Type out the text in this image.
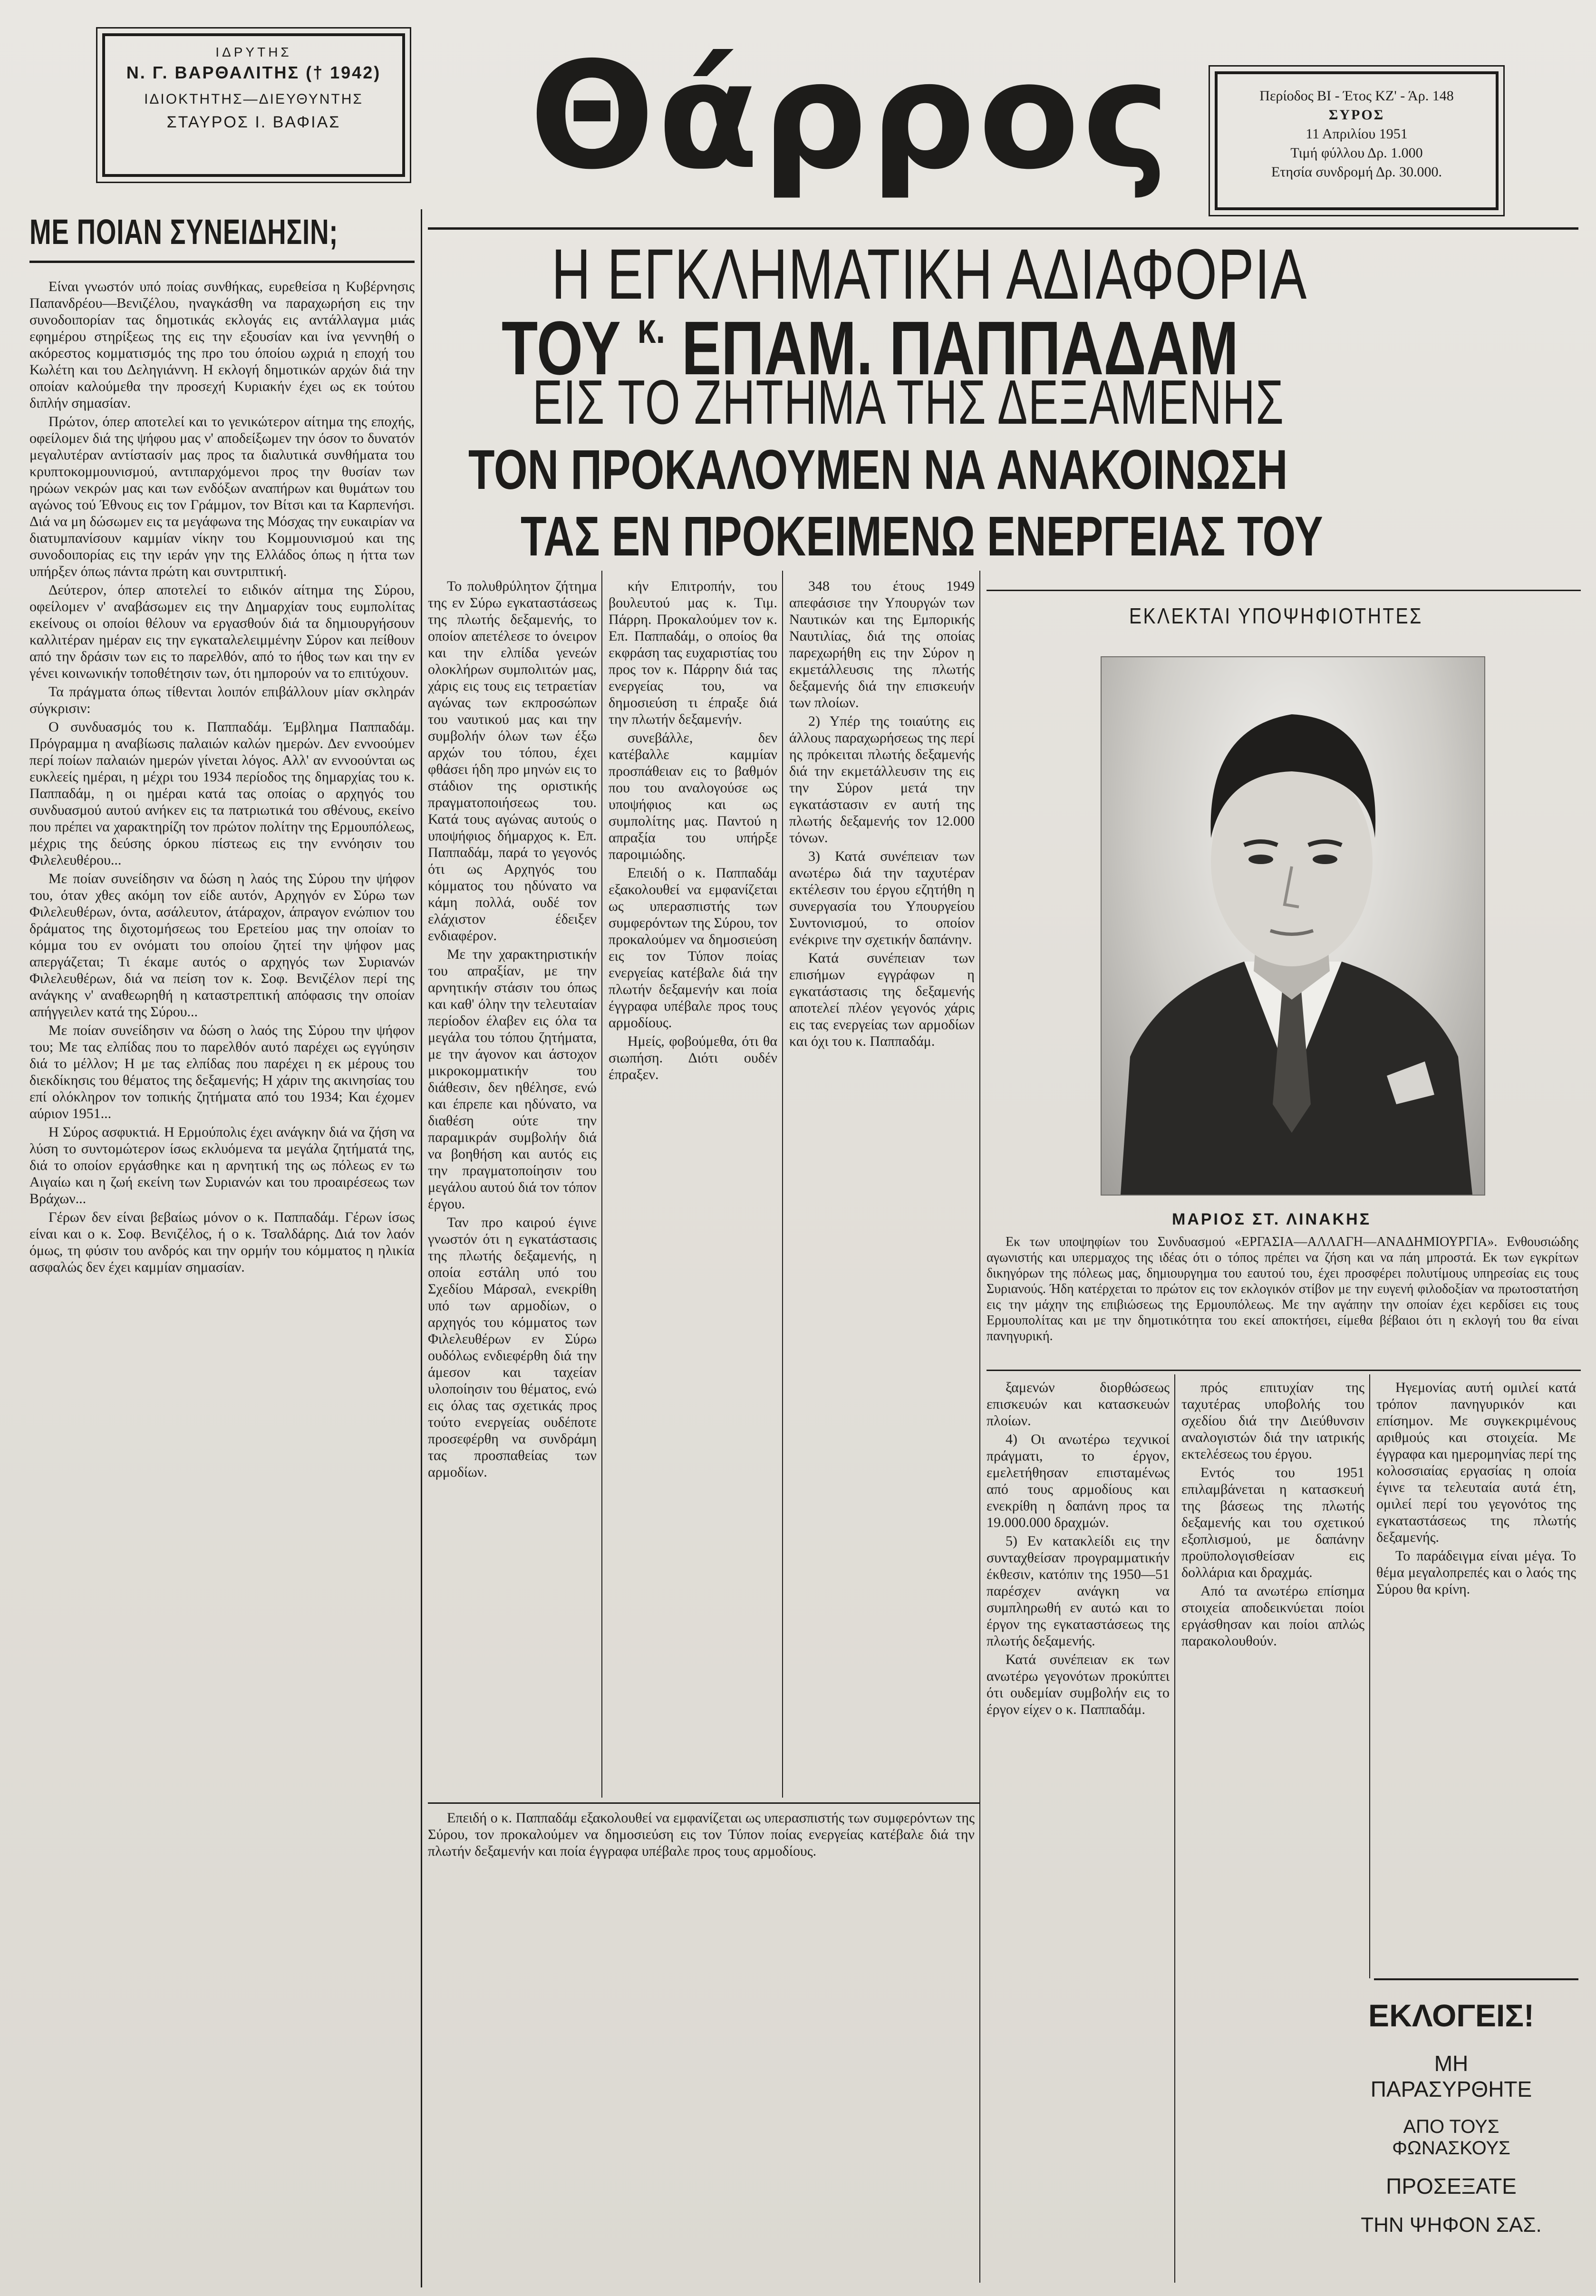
ΙΔΡΥΤΗΣ

Ν. Γ. ΒΑΡΘΑΛΙΤΗΣ († 1942)

ΙΔΙΟΚΤΗΤΗΣ—ΔΙΕΥΘΥΝΤΗΣ

ΣΤΑΥΡΟΣ Ι. ΒΑΦΙΑΣ	Θάρρος	Περίοδος ΒΙ - Έτος ΚΖ' - Άρ. 148

ΣΥΡΟΣ

11 Απριλίου 1951

Τιμή φύλλου Δρ. 1.000

Ετησία συνδρομή Δρ. 30.000.

ΜΕ ΠΟΙΑΝ ΣΥΝΕΙΔΗΣΙΝ;

Είναι γνωστόν υπό ποίας συνθήκας, ευρεθείσα η Κυβέρνησις Παπανδρέου—Βενιζέλου, ηναγκάσθη να παραχωρήση εις την συνοδοιπορίαν τας δημοτικάς εκλογάς εις αντάλλαγμα μιάς εφημέρου στηρίξεως της εις την εξουσίαν και ίνα γεννηθή ο ακόρεστος κομματισμός της προ του όποίου ωχριά η εποχή του Κωλέτη και του Δεληγιάννη. Η εκλογή δημοτικών αρχών διά την οποίαν καλούμεθα την προσεχή Κυριακήν έχει ως εκ τούτου διπλήν σημασίαν.

Πρώτον, όπερ αποτελεί και το γενικώτερον αίτημα της εποχής, οφείλομεν διά της ψήφου μας ν' αποδείξωμεν την όσον το δυνατόν μεγαλυτέραν αντίστασίν μας προς τα διαλυτικά συνθήματα του κρυπτοκομμουνισμού, αντιπαρχόμενοι προς την θυσίαν των ηρώων νεκρών μας και των ενδόξων αναπήρων και θυμάτων του αγώνος τού Έθνους εις τον Γράμμον, τον Βίτσι και τα Καρπενήσι. Διά να μη δώσωμεν εις τα μεγάφωνα της Μόσχας την ευκαιρίαν να διατυμπανίσουν καμμίαν νίκην του Κομμουνισμού και της συνοδοιπορίας εις την ιεράν γην της Ελλάδος όπως η ήττα των υπήρξεν όπως πάντα πρώτη και συντριπτική.

Δεύτερον, όπερ αποτελεί το ειδικόν αίτημα της Σύρου, οφείλομεν ν' αναβάσωμεν εις την Δημαρχίαν τους ευμπολίτας εκείνους οι οποίοι θέλουν να εργασθούν διά τα δημιουργήσουν καλλιτέραν ημέραν εις την εγκαταλελειμμένην Σύρον και πείθουν από την δράσιν των εις το παρελθόν, από το ήθος των και την εν γένει κοινωνικήν τοποθέτησιν των, ότι ημπορούν να το επιτύχουν.

Τα πράγματα όπως τίθενται λοιπόν επιβάλλουν μίαν σκληράν σύγκρισιν:

Ο συνδυασμός του κ. Παππαδάμ. Έμβλημα Παππαδάμ. Πρόγραμμα η αναβίωσις παλαιών καλών ημερών. Δεν εννοούμεν περί ποίων παλαιών ημερών γίνεται λόγος. Αλλ' αν εννοούνται ως ευκλεείς ημέραι, η μέχρι του 1934 περίοδος της δημαρχίας του κ. Παππαδάμ, η οι ημέραι κατά τας οποίας ο αρχηγός του συνδυασμού αυτού ανήκεν εις τα πατριωτικά του σθένους, εκείνο που πρέπει να χαρακτηρίζη τον πρώτον πολίτην της Ερμουπόλεως, μέχρις της δεύσης όρκου πίστεως εις την εννόησιν του Φιλελευθέρου...

Με ποίαν συνείδησιν να δώση η λαός της Σύρου την ψήφον του, όταν χθες ακόμη τον είδε αυτόν, Αρχηγόν εν Σύρω των Φιλελευθέρων, όντα, ασάλευτον, άτάραχον, άπραγον ενώπιον του δράματος της διχοτομήσεως του Ερετείου μας την οποίαν το κόμμα του εν ονόματι του οποίου ζητεί την ψήφον μας απεργάζεται; Τι έκαμε αυτός ο αρχηγός των Συριανών Φιλελευθέρων, διά να πείση τον κ. Σοφ. Βενιζέλον περί της ανάγκης ν' αναθεωρηθή η καταστρεπτική απόφασις την οποίαν απήγγειλεν κατά της Σύρου...

Με ποίαν συνείδησιν να δώση ο λαός της Σύρου την ψήφον του; Με τας ελπίδας που το παρελθόν αυτό παρέχει ως εγγύησιν διά το μέλλον; Η με τας ελπίδας που παρέχει η εκ μέρους του διεκδίκησις του θέματος της δεξαμενής; Η χάριν της ακινησίας του επί ολόκληρον τον τοπικής ζητήματα από του 1934; Και έχομεν αύριον 1951...

Η Σύρος ασφυκτιά. Η Ερμούπολις έχει ανάγκην διά να ζήση να λύση το συντομώτερον ίσως εκλυόμενα τα μεγάλα ζητήματά της, διά το οποίον εργάσθηκε και η αρνητική της ως πόλεως εν τω Αιγαίω και η ζωή εκείνη των Συριανών και του προαιρέσεως των Βράχων...

Γέρων δεν είναι βεβαίως μόνον ο κ. Παππαδάμ. Γέρων ίσως είναι και ο κ. Σοφ. Βενιζέλος, ή ο κ. Τσαλδάρης. Διά τον λαόν όμως, τη φύσιν του ανδρός και την ορμήν του κόμματος η ηλικία ασφαλώς δεν έχει καμμίαν σημασίαν.

Η ΕΓΚΛΗΜΑΤΙΚΗ ΑΔΙΑΦΟΡΙΑ
ΤΟΥ $^{\kappa.}$ ΕΠΑΜ. ΠΑΠΠΑΔΑΜ
ΕΙΣ ΤΟ ΖΗΤΗΜΑ ΤΗΣ ΔΕΞΑΜΕΝΗΣ
ΤΟΝ ΠΡΟΚΑΛΟΥΜΕΝ ΝΑ ΑΝΑΚΟΙΝΩΣΗ
ΤΑΣ ΕΝ ΠΡΟΚΕΙΜΕΝΩ ΕΝΕΡΓΕΙΑΣ ΤΟΥ

Το πολυθρύλητον ζήτημα της εν Σύρω εγκαταστάσεως της πλωτής δεξαμενής, το οποίον απετέλεσε το όνειρον και την ελπίδα γενεών ολοκλήρων συμπολιτών μας, χάρις εις τους εις τετραετίαν αγώνας των εκπροσώπων του ναυτικού μας και την συμβολήν όλων των έξω αρχών του τόπου, έχει φθάσει ήδη προ μηνών εις το στάδιον της οριστικής πραγματοποιήσεως του. Κατά τους αγώνας αυτούς ο υποψήφιος δήμαρχος κ. Επ. Παππαδάμ, παρά το γεγονός ότι ως Αρχηγός του κόμματος του ηδύνατο να κάμη πολλά, ουδέ τον ελάχιστον έδειξεν ενδιαφέρον.

Με την χαρακτηριστικήν του απραξίαν, με την αρνητικήν στάσιν του όπως και καθ' όλην την τελευταίαν περίοδον έλαβεν εις όλα τα μεγάλα του τόπου ζητήματα, με την άγονον και άστοχον μικροκομματικήν του διάθεσιν, δεν ηθέλησε, ενώ και έπρεπε και ηδύνατο, να διαθέση ούτε την παραμικράν συμβολήν διά να βοηθήση και αυτός εις την πραγματοποίησιν του μεγάλου αυτού διά τον τόπον έργου.

Ταν προ καιρού έγινε γνωστόν ότι η εγκατάστασις της πλωτής δεξαμενής, η οποία εστάλη υπό του Σχεδίου Μάρσαλ, ενεκρίθη υπό των αρμοδίων, ο αρχηγός του κόμματος των Φιλελευθέρων εν Σύρω ουδόλως ενδιεφέρθη διά την άμεσον και ταχείαν υλοποίησιν του θέματος, ενώ εις όλας τας σχετικάς προς τούτο ενεργείας ουδέποτε προσεφέρθη να συνδράμη τας προσπαθείας των αρμοδίων.

κήν Επιτροπήν, του βουλευτού μας κ. Τιμ. Πάρρη. Προκαλούμεν τον κ. Επ. Παππαδάμ, ο οποίος θα εκφράση τας ευχαριστίας του προς τον κ. Πάρρην διά τας ενεργείας του, να δημοσιεύση τι έπραξε διά την πλωτήν δεξαμενήν.

συνεβάλλε, δεν κατέβαλλε καμμίαν προσπάθειαν εις το βαθμόν που του αναλογούσε ως υποψήφιος και ως συμπολίτης μας. Παντού η απραξία του υπήρξε παροιμιώδης.

Επειδή ο κ. Παππαδάμ εξακολουθεί να εμφανίζεται ως υπερασπιστής των συμφερόντων της Σύρου, τον προκαλούμεν να δημοσιεύση εις τον Τύπον ποίας ενεργείας κατέβαλε διά την πλωτήν δεξαμενήν και ποία έγγραφα υπέβαλε προς τους αρμοδίους.

Ημείς, φοβούμεθα, ότι θα σιωπήση. Διότι ουδέν έπραξεν.

348 του έτους 1949 απεφάσισε την Υπουργών των Ναυτικών και της Εμπορικής Ναυτιλίας, διά της οποίας παρεχωρήθη εις την Σύρον η εκμετάλλευσις της πλωτής δεξαμενής διά την επισκευήν των πλοίων.

2) Υπέρ της τοιαύτης εις άλλους παραχωρήσεως της περί ης πρόκειται πλωτής δεξαμενής διά την εκμετάλλευσιν της εις την Σύρον μετά την εγκατάστασιν εν αυτή της πλωτής δεξαμενής τον 12.000 τόνων.

3) Κατά συνέπειαν των ανωτέρω διά την ταχυτέραν εκτέλεσιν του έργου εζητήθη η συνεργασία του Υπουργείου Συντονισμού, το οποίον ενέκρινε την σχετικήν δαπάνην.

Κατά συνέπειαν των επισήμων εγγράφων η εγκατάστασις της δεξαμενής αποτελεί πλέον γεγονός χάρις εις τας ενεργείας των αρμοδίων και όχι του κ. Παππαδάμ.

ΕΚΛΕΚΤΑΙ ΥΠΟΨΗΦΙΟΤΗΤΕΣ
ΜΑΡΙΟΣ ΣΤ. ΛΙΝΑΚΗΣ
Εκ των υποψηφίων του Συνδυασμού «ΕΡΓΑΣΙΑ—ΑΛΛΑΓΗ—ΑΝΑΔΗΜΙΟΥΡΓΙΑ». Ενθουσιώδης αγωνιστής και υπερμαχος της ιδέας ότι ο τόπος πρέπει να ζήση και να πάη μπροστά. Εκ των εγκρίτων δικηγόρων της πόλεως μας, δημιουργημα του εαυτού του, έχει προσφέρει πολυτίμους υπηρεσίας εις τους Συριανούς. Ήδη κατέρχεται το πρώτον εις τον εκλογικόν στίβον με την ευγενή φιλοδοξίαν να πρωτοστατήση εις την μάχην της επιβιώσεως της Ερμουπόλεως. Με την αγάπην την οποίαν έχει κερδίσει εις τους Ερμουπολίτας και με την δημοτικότητα του εκεί αποκτήσει, είμεθα βέβαιοι ότι η εκλογή του θα είναι πανηγυρική.

ξαμενών διορθώσεως επισκευών και κατασκευών πλοίων.

4) Οι ανωτέρω τεχνικοί πράγματι, το έργον, εμελετήθησαν επισταμένως από τους αρμοδίους και ενεκρίθη η δαπάνη προς τα 19.000.000 δραχμών.

5) Εν κατακλείδι εις την συνταχθείσαν προγραμματικήν έκθεσιν, κατόπιν της 1950—51 παρέσχεν ανάγκη να συμπληρωθή εν αυτώ και το έργον της εγκαταστάσεως της πλωτής δεξαμενής.

Κατά συνέπειαν εκ των ανωτέρω γεγονότων προκύπτει ότι ουδεμίαν συμβολήν εις το έργον είχεν ο κ. Παππαδάμ.

πρός επιτυχίαν της ταχυτέρας υποβολής του σχεδίου διά την Διεύθυνσιν αναλογιστών διά την ιατρικής εκτελέσεως του έργου.

Εντός του 1951 επιλαμβάνεται η κατασκευή της βάσεως της πλωτής δεξαμενής και του σχετικού εξοπλισμού, με δαπάνην προϋπολογισθείσαν εις δολλάρια και δραχμάς.

Από τα ανωτέρω επίσημα στοιχεία αποδεικνύεται ποίοι εργάσθησαν και ποίοι απλώς παρακολουθούν.

Ηγεμονίας αυτή ομιλεί κατά τρόπον πανηγυρικόν και επίσημον. Με συγκεκριμένους αριθμούς και στοιχεία. Με έγγραφα και ημερομηνίας περί της κολοσσιαίας εργασίας η οποία έγινε τα τελευταία αυτά έτη, ομιλεί περί του γεγονότος της εγκαταστάσεως της πλωτής δεξαμενής.

Το παράδειγμα είναι μέγα. Το θέμα μεγαλοπρεπές και ο λαός της Σύρου θα κρίνη.

Επειδή ο κ. Παππαδάμ εξακολουθεί να εμφανίζεται ως υπερασπιστής των συμφερόντων της Σύρου, τον προκαλούμεν να δημοσιεύση εις τον Τύπον ποίας ενεργείας κατέβαλε διά την πλωτήν δεξαμενήν και ποία έγγραφα υπέβαλε προς τους αρμοδίους.

ΕΚΛΟΓΕΙΣ!
ΜΗ ΠΑΡΑΣΥΡΘΗΤΕ
ΑΠΟ ΤΟΥΣ ΦΩΝΑΣΚΟΥΣ
ΠΡΟΣΕΞΑΤΕ
ΤΗΝ ΨΗΦΟΝ ΣΑΣ.
